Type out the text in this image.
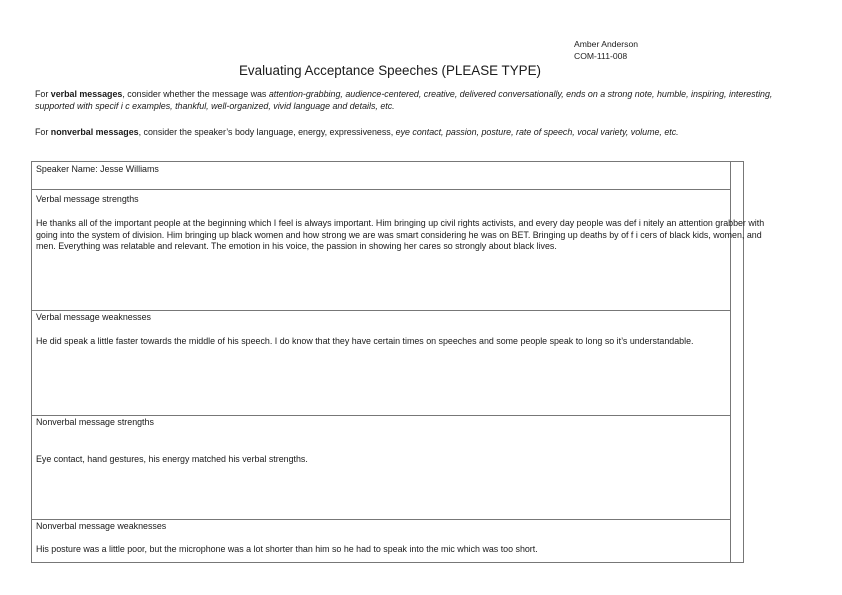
Amber Anderson
COM-111-008
Evaluating Acceptance Speeches (PLEASE TYPE)
For verbal messages, consider whether the message was attention-grabbing, audience-centered, creative, delivered conversationally, ends on a strong note, humble, inspiring, interesting, supported with specif i c examples, thankful, well-organized, vivid language and details, etc.
For nonverbal messages, consider the speaker’s body language, energy, expressiveness, eye contact, passion, posture, rate of speech, vocal variety, volume, etc.
Speaker Name: Jesse Williams
Verbal message strengths
He thanks all of the important people at the beginning which I feel is always important. Him bringing up civil rights activists, and every day people was def i nitely an attention grabber with going into the system of division. Him bringing up black women and how strong we are was smart considering he was on BET. Bringing up deaths by of f i cers of black kids, women, and men. Everything was relatable and relevant. The emotion in his voice, the passion in showing her cares so strongly about black lives.
Verbal message weaknesses
He did speak a little faster towards the middle of his speech. I do know that they have certain times on speeches and some people speak to long so it’s understandable.
Nonverbal message strengths
Eye contact, hand gestures, his energy matched his verbal strengths.
Nonverbal message weaknesses
His posture was a little poor, but the microphone was a lot shorter than him so he had to speak into the mic which was too short.
